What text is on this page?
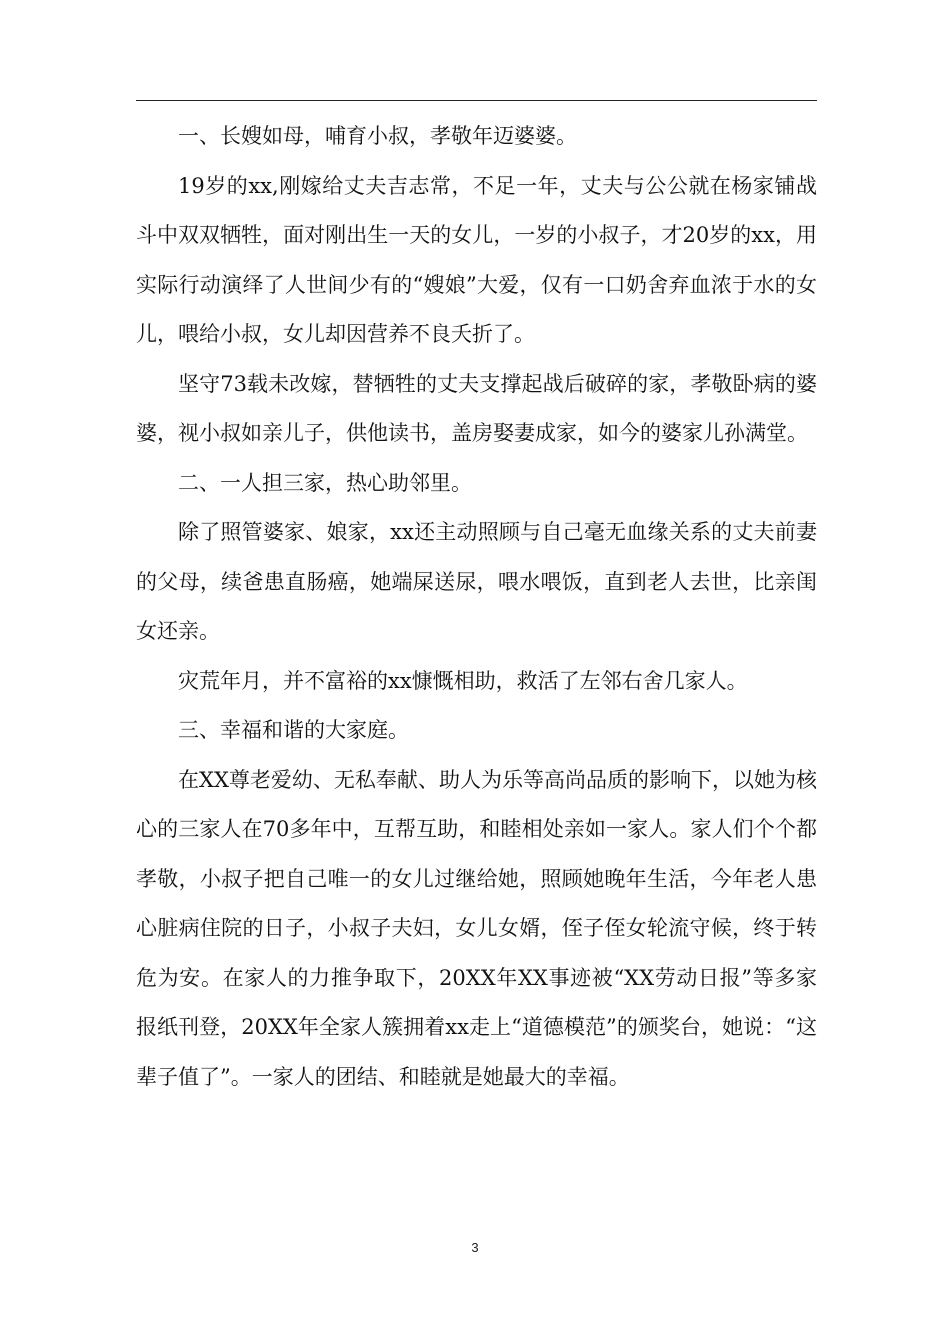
一、长嫂如母，哺育小叔，孝敬年迈婆婆。

19岁的xx,刚嫁给丈夫吉志常，不足一年，丈夫与公公就在杨家铺战斗中双双牺牲，面对刚出生一天的女儿，一岁的小叔子，才20岁的xx，用实际行动演绎了人世间少有的“嫂娘”大爱，仅有一口奶舍弃血浓于水的女儿，喂给小叔，女儿却因营养不良夭折了。

坚守73载未改嫁，替牺牲的丈夫支撑起战后破碎的家，孝敬卧病的婆婆，视小叔如亲儿子，供他读书，盖房娶妻成家，如今的婆家儿孙满堂。

二、一人担三家，热心助邻里。

除了照管婆家、娘家，xx还主动照顾与自己毫无血缘关系的丈夫前妻的父母，续爸患直肠癌，她端屎送尿，喂水喂饭，直到老人去世，比亲闺女还亲。

灾荒年月，并不富裕的xx慷慨相助，救活了左邻右舍几家人。

三、幸福和谐的大家庭。

在XX尊老爱幼、无私奉献、助人为乐等高尚品质的影响下，以她为核心的三家人在70多年中，互帮互助，和睦相处亲如一家人。家人们个个都孝敬，小叔子把自己唯一的女儿过继给她，照顾她晚年生活，今年老人患心脏病住院的日子，小叔子夫妇，女儿女婿，侄子侄女轮流守候，终于转危为安。在家人的力推争取下，20XX年XX事迹被“XX劳动日报”等多家报纸刊登，20XX年全家人簇拥着xx走上“道德模范”的颁奖台，她说：“这辈子值了”。一家人的团结、和睦就是她最大的幸福。

3
